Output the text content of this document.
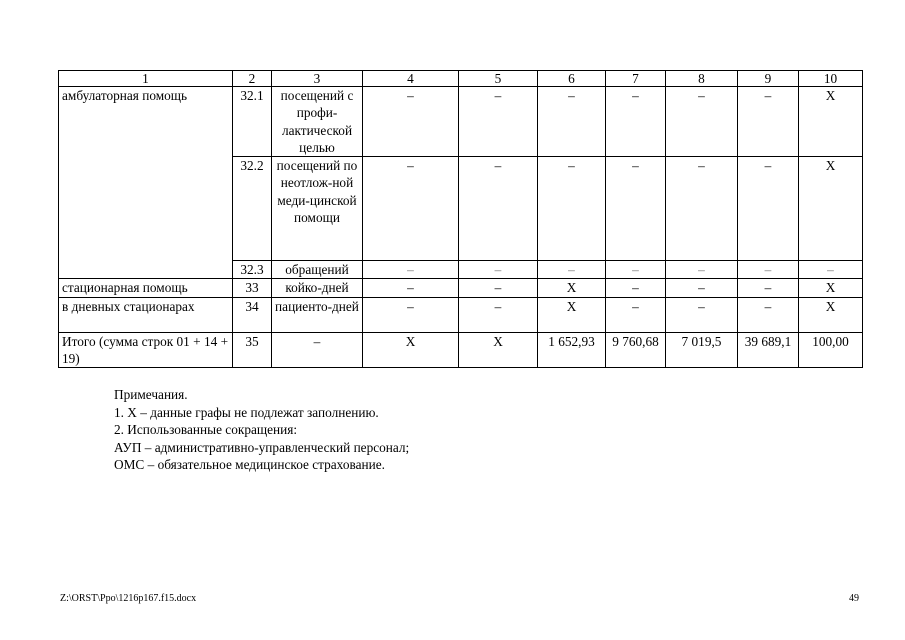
1	2	3	4	5	6	7	8	9	10
амбулаторная помощь	32.1	посещений с профи-лактической целью	–	–	–	–	–	–	Х
	32.2	посещений по неотлож-ной меди-цинской помощи	–	–	–	–	–	–	Х
	32.3	обращений	–	–	–	–	–	–	–
стационарная помощь	33	койко-дней	–	–	Х	–	–	–	Х
в дневных стационарах	34	пациенто-дней	–	–	Х	–	–	–	Х
Итого (сумма строк 01 + 14 + 19)	35	–	Х	Х	1 652,93	9 760,68	7 019,5	39 689,1	100,00
Примечания.
1. Х – данные графы не подлежат заполнению.
2. Использованные сокращения:
АУП – административно-управленческий персонал;
ОМС – обязательное медицинское страхование.
Z:\ORST\Ppo\1216p167.f15.docx	49
